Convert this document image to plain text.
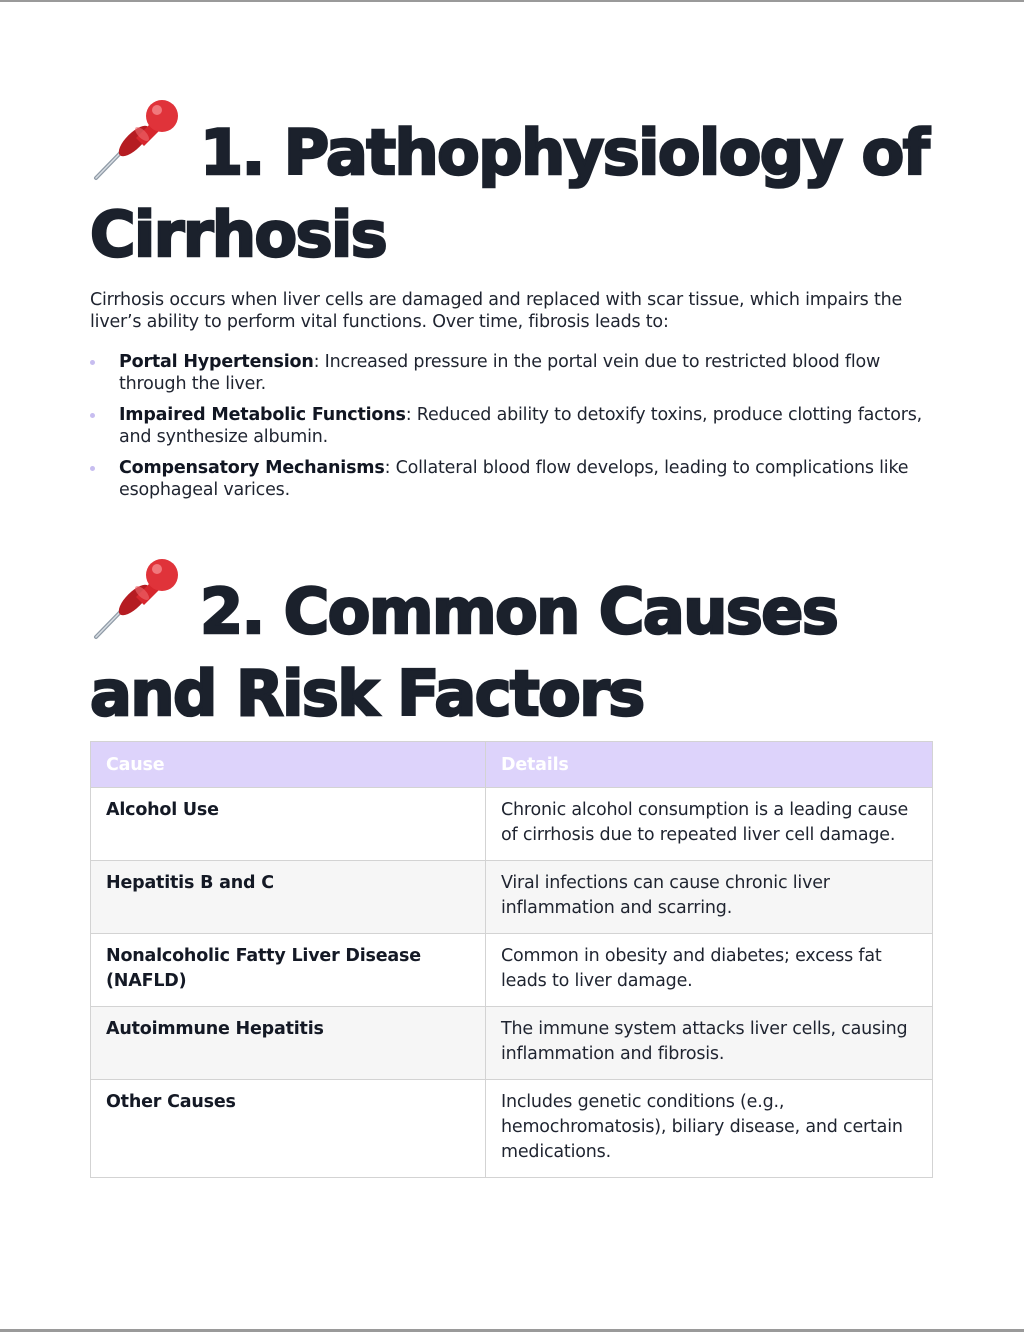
1. Pathophysiology of Cirrhosis

Cirrhosis occurs when liver cells are damaged and replaced with scar tissue, which impairs the liver’s ability to perform vital functions. Over time, fibrosis leads to:

Portal Hypertension: Increased pressure in the portal vein due to restricted blood flow through the liver.
Impaired Metabolic Functions: Reduced ability to detoxify toxins, produce clotting factors, and synthesize albumin.
Compensatory Mechanisms: Collateral blood flow develops, leading to complications like esophageal varices.
2. Common Causes and Risk Factors
Cause	Details
Alcohol Use	Chronic alcohol consumption is a leading cause of cirrhosis due to repeated liver cell damage.
Hepatitis B and C	Viral infections can cause chronic liver inflammation and scarring.
Nonalcoholic Fatty Liver Disease (NAFLD)	Common in obesity and diabetes; excess fat leads to liver damage.
Autoimmune Hepatitis	The immune system attacks liver cells, causing inflammation and fibrosis.
Other Causes	Includes genetic conditions (e.g., hemochromatosis), biliary disease, and certain medications.
